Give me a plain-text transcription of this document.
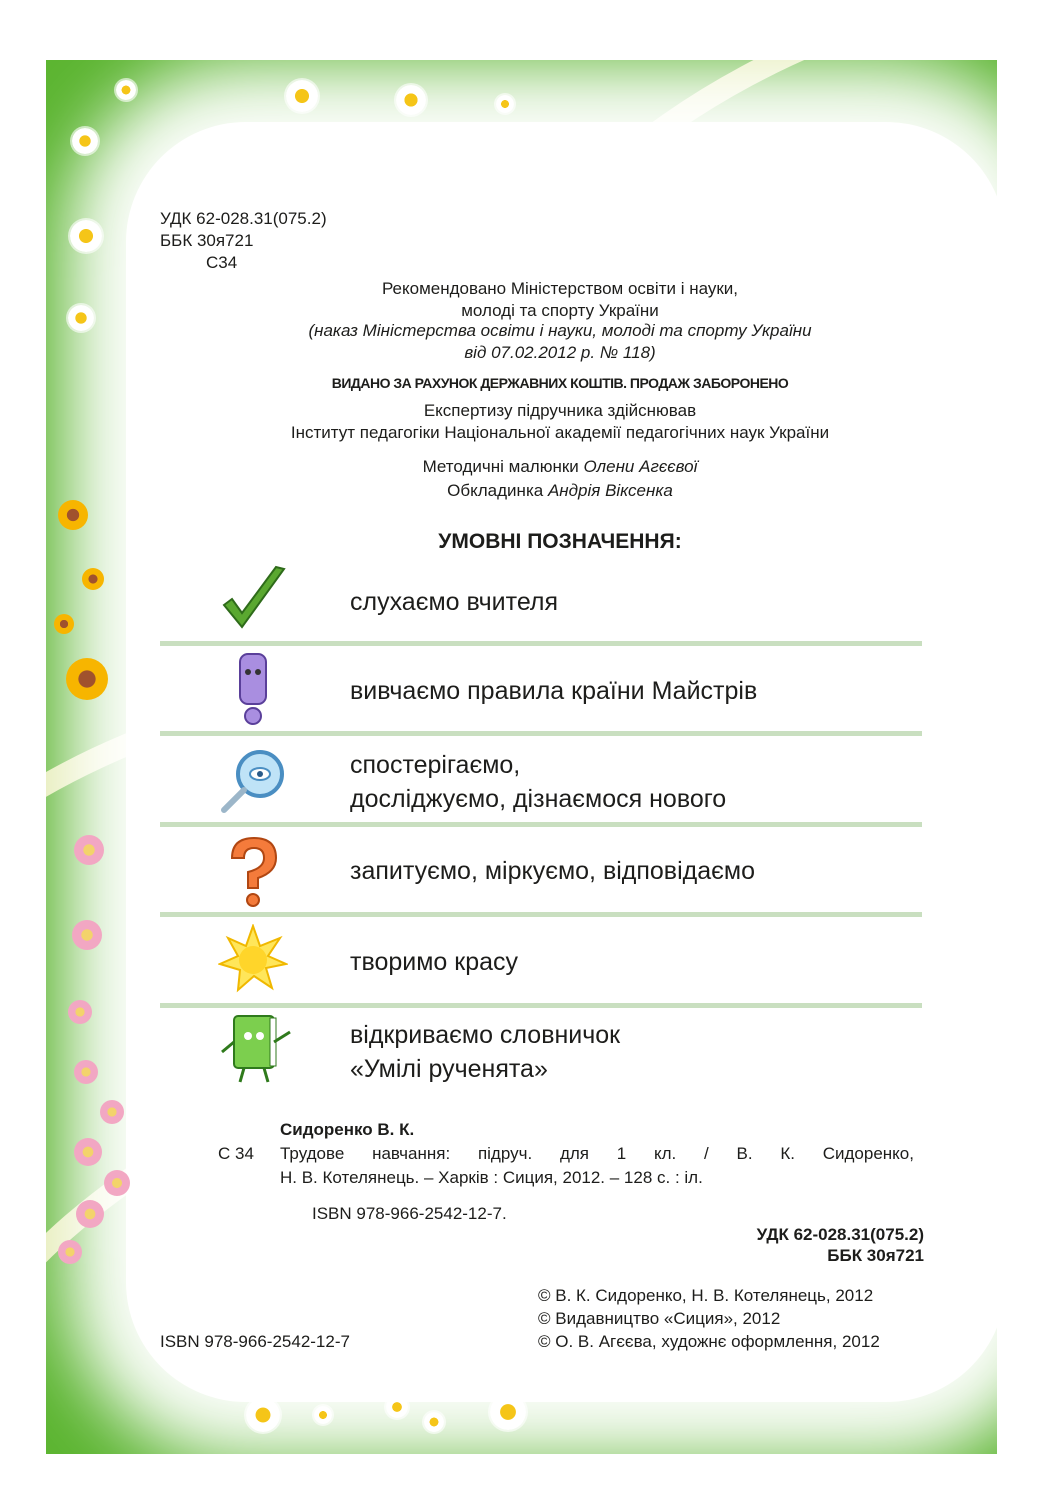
УДК 62-028.31(075.2)
ББК 30я721
С34
Рекомендовано Міністерством освіти і науки,
молоді та спорту України
(наказ Міністерства освіти і науки, молоді та спорту України
від 07.02.2012 р. № 118)
ВИДАНО ЗА РАХУНОК ДЕРЖАВНИХ КОШТІВ. ПРОДАЖ ЗАБОРОНЕНО
Експертизу підручника здійснював
Інститут педагогіки Національної академії педагогічних наук України
Методичні малюнки Олени Агєєвої
Обкладинка Андрія Віксенка
УМОВНІ ПОЗНАЧЕННЯ:
слухаємо вчителя
вивчаємо правила країни Майстрів
спостерігаємо,
досліджуємо, дізнаємося нового
запитуємо, міркуємо, відповідаємо
творимо красу
відкриваємо словничок
«Умілі рученята»
Сидоренко В. К.
С 34 Трудове навчання: підруч. для 1 кл. / В. К. Сидоренко,
Н. В. Котелянець. – Харків : Сиция, 2012. – 128 с. : іл.
ISBN 978-966-2542-12-7.
УДК 62-028.31(075.2)
ББК 30я721
© В. К. Сидоренко, Н. В. Котелянець, 2012
© Видавництво «Сиция», 2012
© О. В. Агєєва, художнє оформлення, 2012
ISBN 978-966-2542-12-7
